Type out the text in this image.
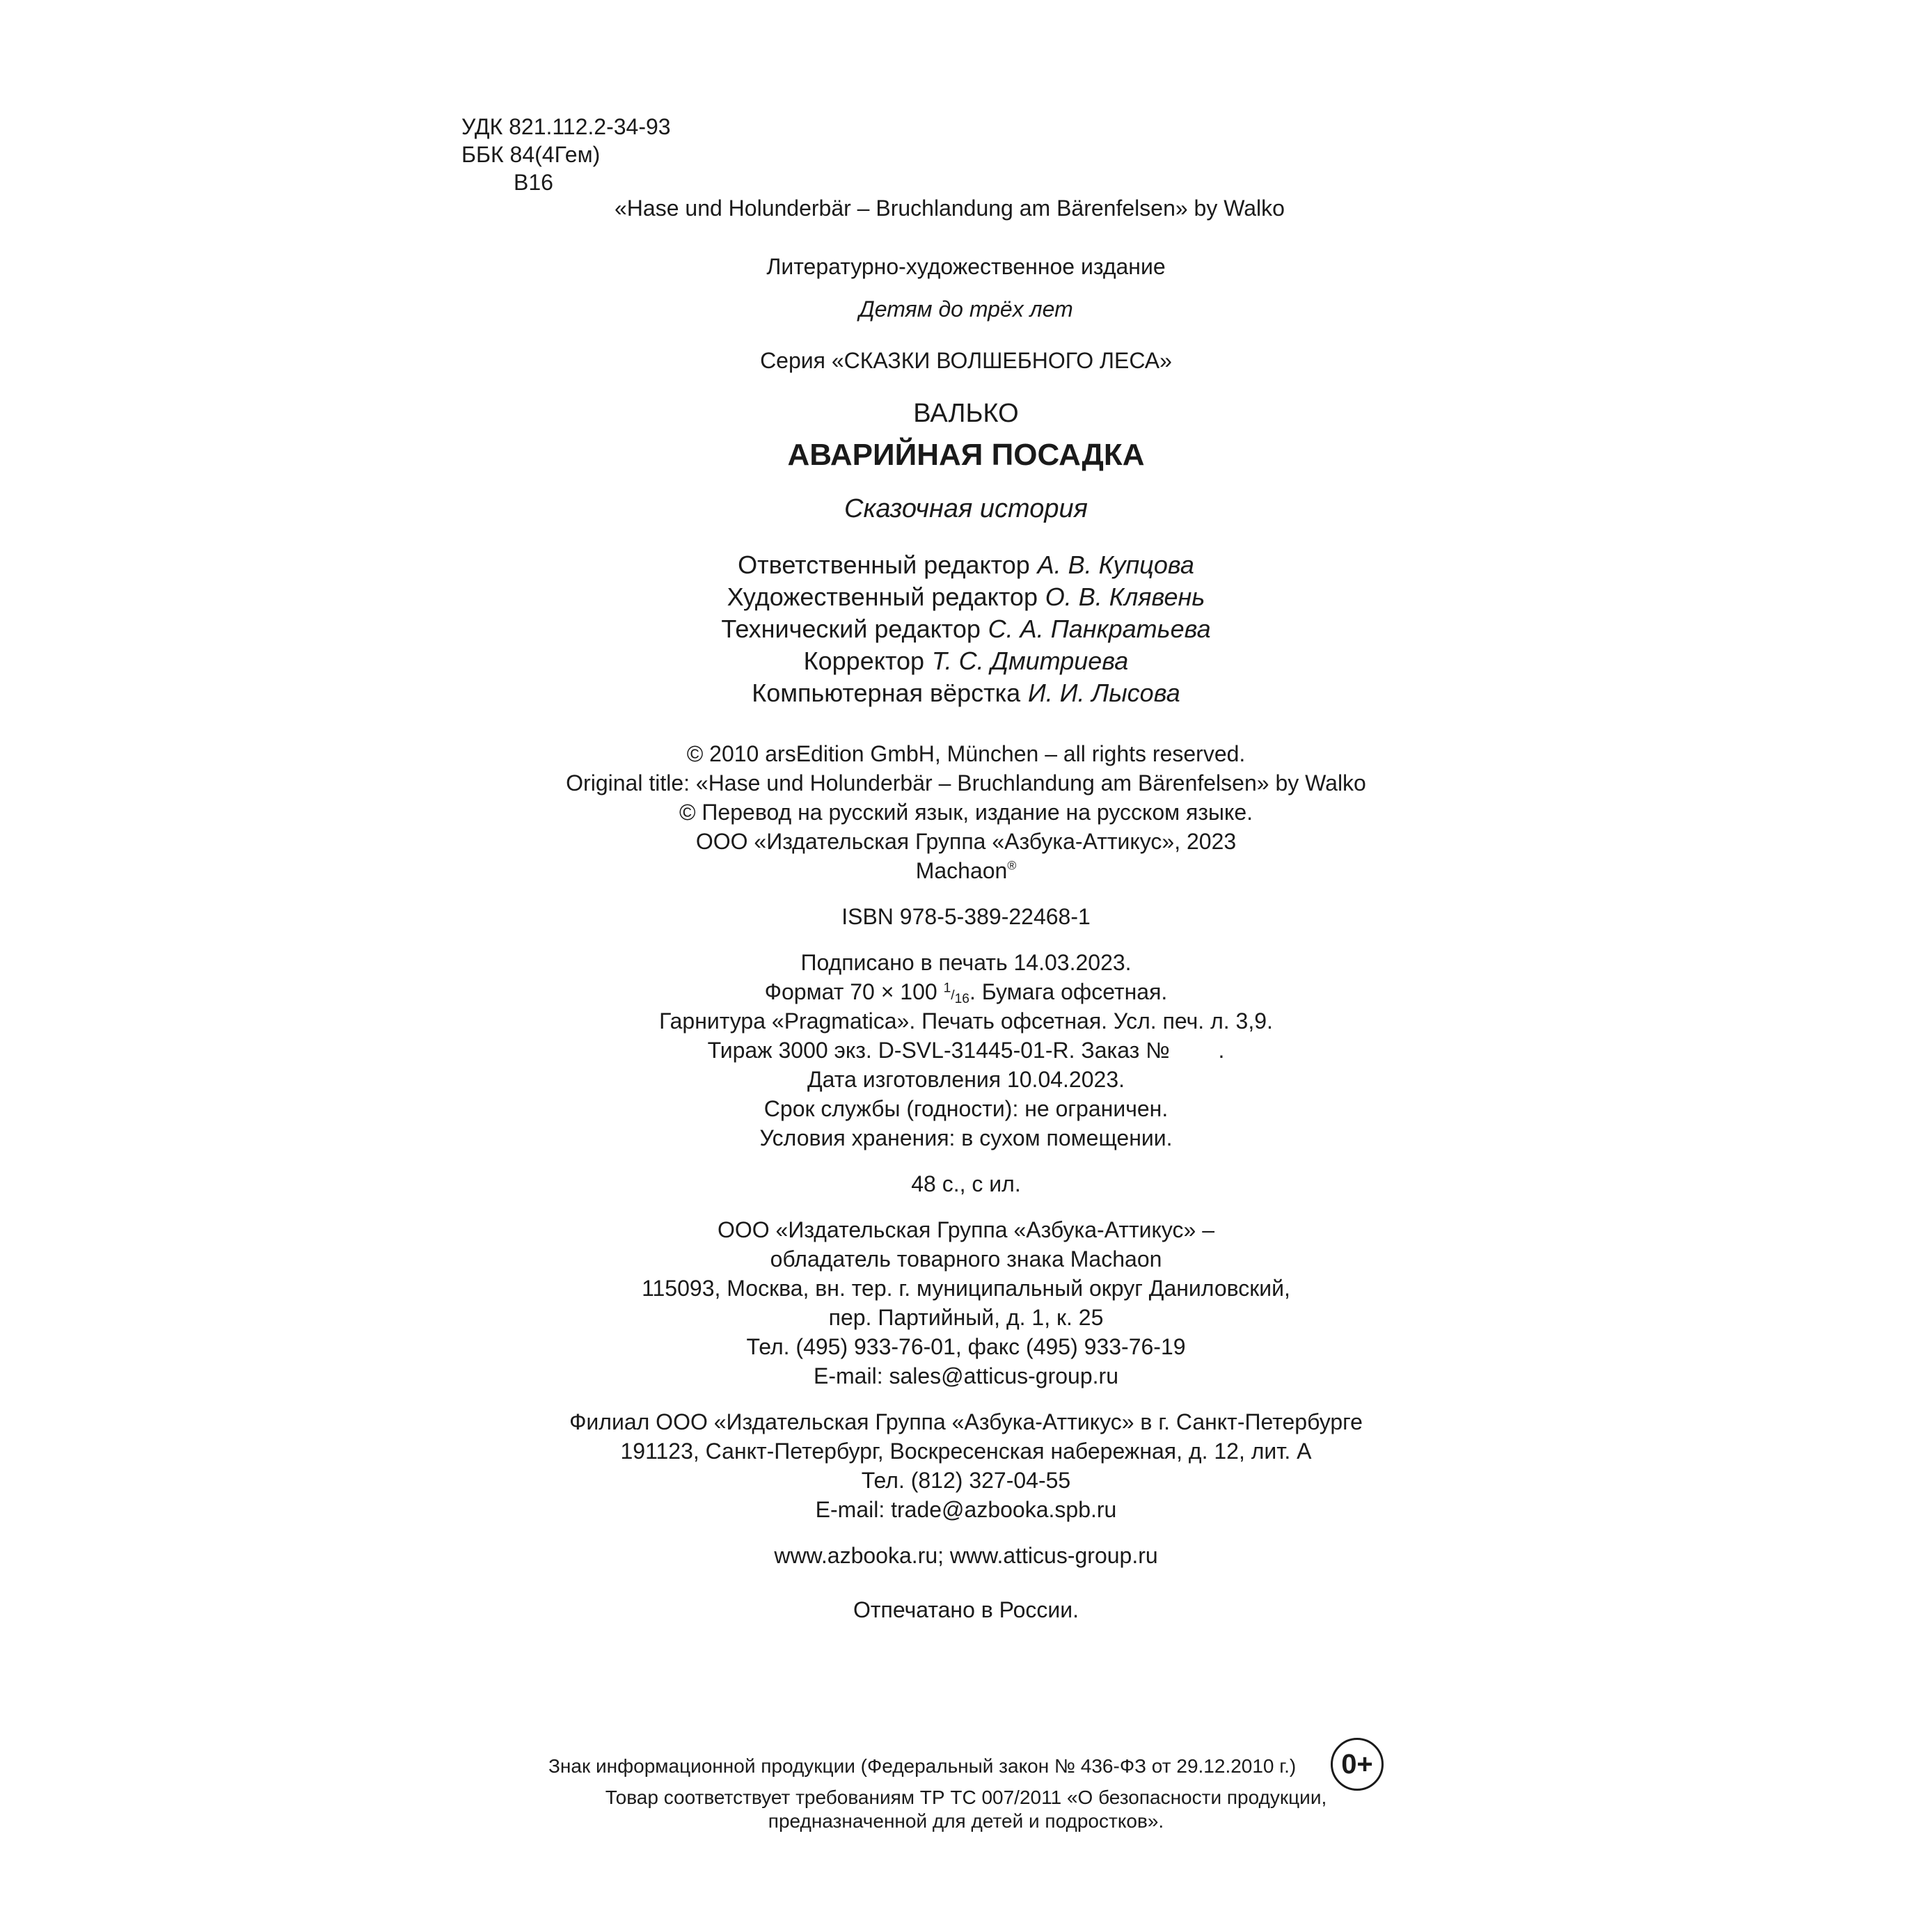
УДК 821.112.2-34-93
ББК 84(4Гем)
В16
«Hase und Holunderbär – Bruchlandung am Bärenfelsen» by Walko
Литературно-художественное издание
Детям до трёх лет
Серия «СКАЗКИ ВОЛШЕБНОГО ЛЕСА»
ВАЛЬКО
АВАРИЙНАЯ ПОСАДКА
Сказочная история
Ответственный редактор А. В. Купцова
Художественный редактор О. В. Клявень
Технический редактор С. А. Панкратьева
Корректор Т. С. Дмитриева
Компьютерная вёрстка И. И. Лысова
© 2010 arsEdition GmbH, München – all rights reserved.
Original title: «Hase und Holunderbär – Bruchlandung am Bärenfelsen» by Walko
© Перевод на русский язык, издание на русском языке.
ООО «Издательская Группа «Азбука-Аттикус», 2023
Machaon®
ISBN 978-5-389-22468-1
Подписано в печать 14.03.2023.
Формат 70 × 100 $^1/_{16}$. Бумага офсетная.
Гарнитура «Pragmatica». Печать офсетная. Усл. печ. л. 3,9.
Тираж 3000 экз. D-SVL-31445-01-R. Заказ № .
Дата изготовления 10.04.2023.
Срок службы (годности): не ограничен.
Условия хранения: в сухом помещении.
48 с., с ил.
ООО «Издательская Группа «Азбука-Аттикус» –
обладатель товарного знака Machaon
115093, Москва, вн. тер. г. муниципальный округ Даниловский,
пер. Партийный, д. 1, к. 25
Тел. (495) 933-76-01, факс (495) 933-76-19
E-mail: sales@atticus-group.ru
Филиал ООО «Издательская Группа «Азбука-Аттикус» в г. Санкт-Петербурге
191123, Санкт-Петербург, Воскресенская набережная, д. 12, лит. А
Тел. (812) 327-04-55
E-mail: trade@azbooka.spb.ru
www.azbooka.ru; www.atticus-group.ru
Отпечатано в России.
Знак информационной продукции (Федеральный закон № 436-ФЗ от 29.12.2010 г.)	0+
Товар соответствует требованиям ТР ТС 007/2011 «О безопасности продукции,
предназначенной для детей и подростков».
